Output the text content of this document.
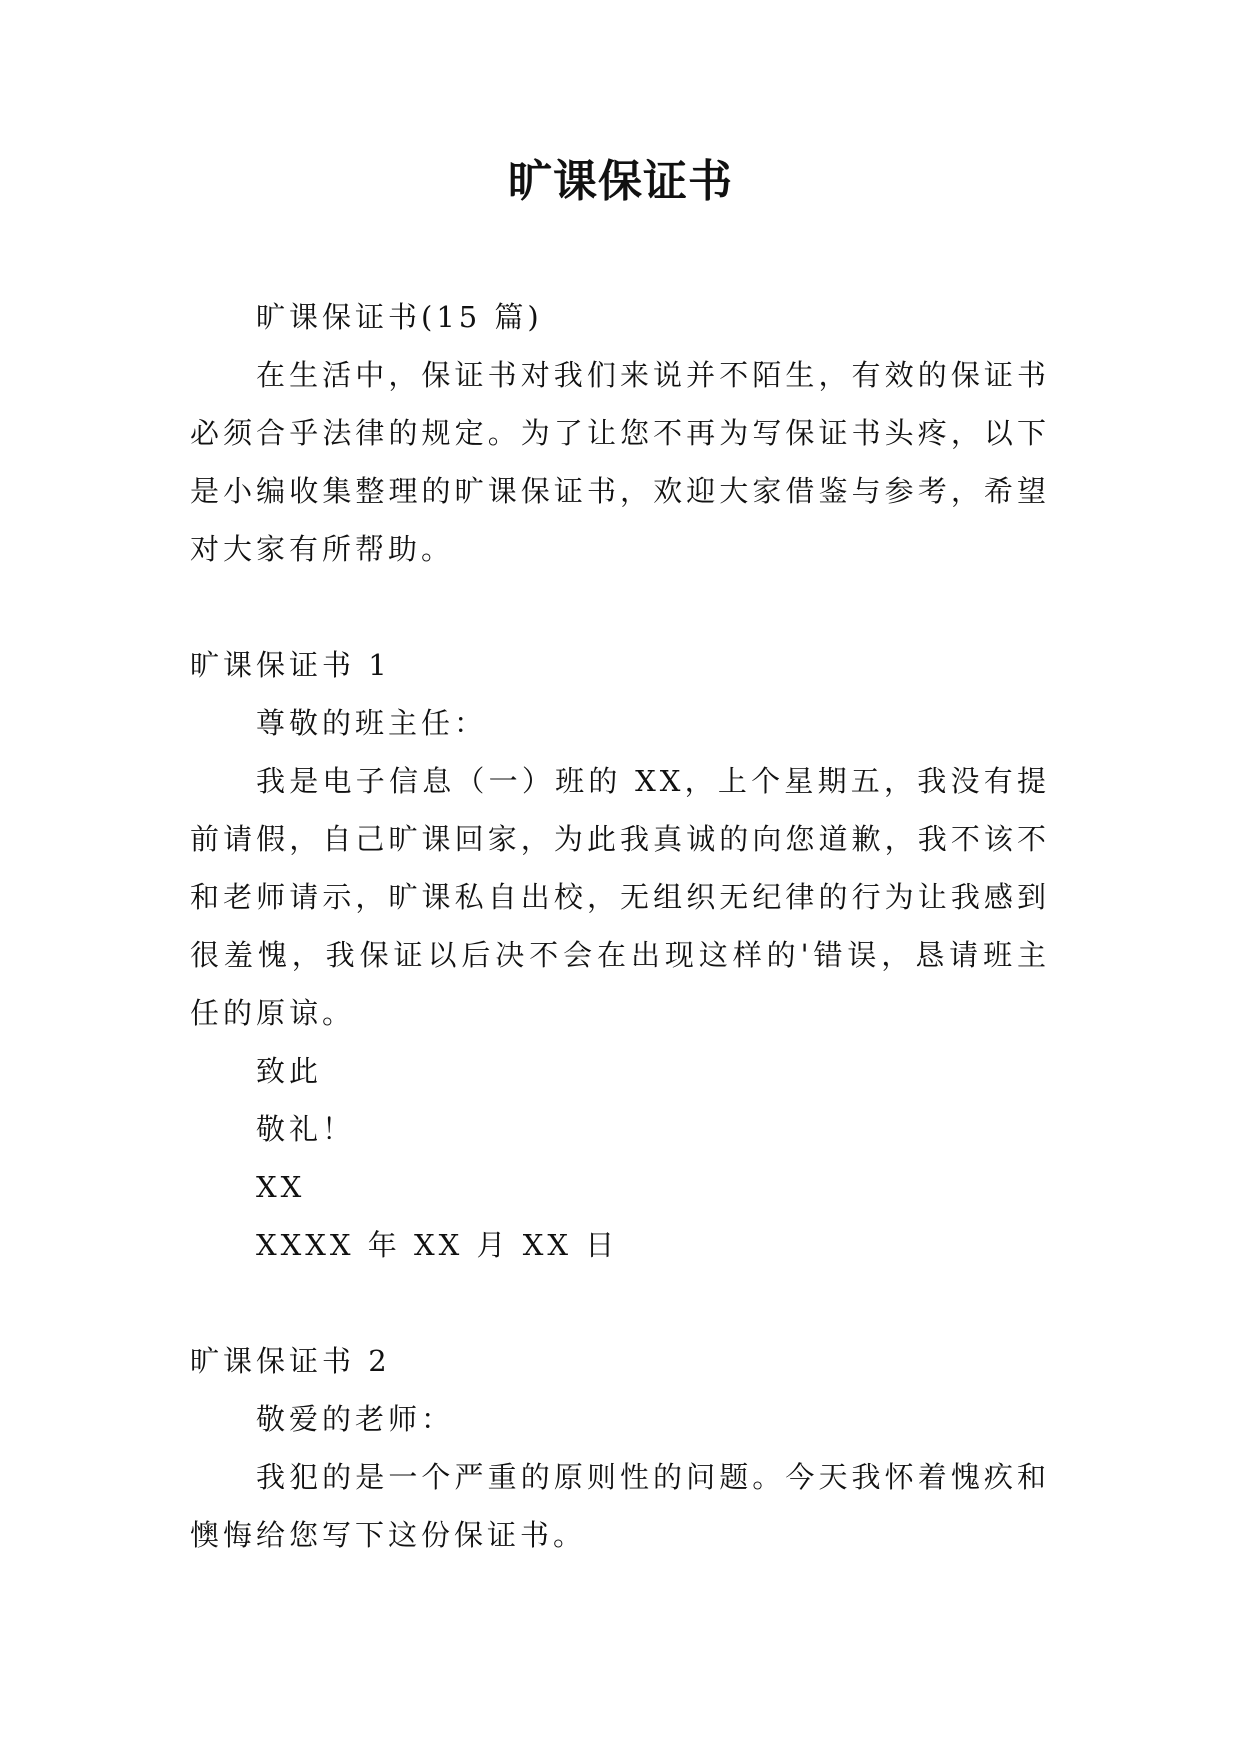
旷课保证书

旷课保证书(15 篇)

在生活中，保证书对我们来说并不陌生，有效的保证书必须合乎法律的规定。为了让您不再为写保证书头疼，以下是小编收集整理的旷课保证书，欢迎大家借鉴与参考，希望对大家有所帮助。

旷课保证书 1

尊敬的班主任：

我是电子信息（一）班的 XX，上个星期五，我没有提前请假，自己旷课回家，为此我真诚的向您道歉，我不该不和老师请示，旷课私自出校，无组织无纪律的行为让我感到很羞愧，我保证以后决不会在出现这样的'错误，恳请班主任的原谅。

致此

敬礼！

XX

XXXX 年 XX 月 XX 日

旷课保证书 2

敬爱的老师：

我犯的是一个严重的原则性的问题。今天我怀着愧疚和懊悔给您写下这份保证书。
